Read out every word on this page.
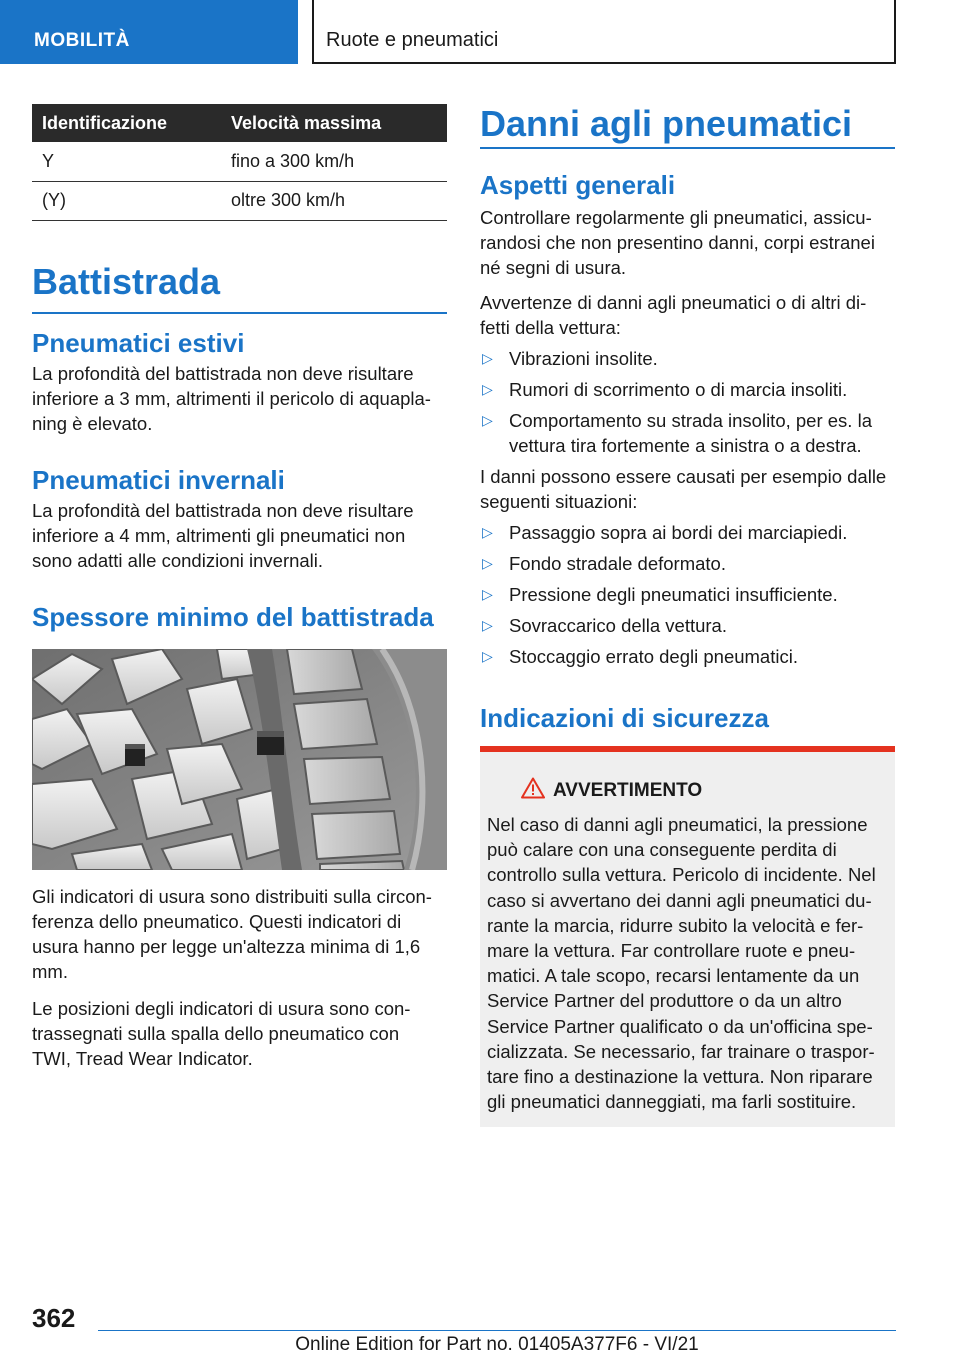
MOBILITÀ	Ruote e pneumatici
Identificazione	Velocità massima
Y	fino a 300 km/h
(Y)	oltre 300 km/h
Battistrada
Pneumatici estivi
La profondità del battistrada non deve risultare inferiore a 3 mm, altrimenti il pericolo di aquapla-ning è elevato.
Pneumatici invernali
La profondità del battistrada non deve risultare inferiore a 4 mm, altrimenti gli pneumatici non sono adatti alle condizioni invernali.
Spessore minimo del battistrada
Gli indicatori di usura sono distribuiti sulla circon-ferenza dello pneumatico. Questi indicatori di usura hanno per legge un'altezza minima di 1,6 mm.
Le posizioni degli indicatori di usura sono con-trassegnati sulla spalla dello pneumatico con TWI, Tread Wear Indicator.
Danni agli pneumatici
Aspetti generali
Controllare regolarmente gli pneumatici, assicu-randosi che non presentino danni, corpi estranei né segni di usura.
Avvertenze di danni agli pneumatici o di altri di-fetti della vettura:
▷ Vibrazioni insolite.
▷ Rumori di scorrimento o di marcia insoliti.
▷ Comportamento su strada insolito, per es. la vettura tira fortemente a sinistra o a destra.
I danni possono essere causati per esempio dalle seguenti situazioni:
▷ Passaggio sopra ai bordi dei marciapiedi.
▷ Fondo stradale deformato.
▷ Pressione degli pneumatici insufficiente.
▷ Sovraccarico della vettura.
▷ Stoccaggio errato degli pneumatici.
Indicazioni di sicurezza
AVVERTIMENTO
Nel caso di danni agli pneumatici, la pressione può calare con una conseguente perdita di controllo sulla vettura. Pericolo di incidente. Nel caso si avvertano dei danni agli pneumatici du-rante la marcia, ridurre subito la velocità e fer-mare la vettura. Far controllare ruote e pneu-matici. A tale scopo, recarsi lentamente da un Service Partner del produttore o da un altro Service Partner qualificato o da un'officina spe-cializzata. Se necessario, far trainare o traspor-tare fino a destinazione la vettura. Non riparare gli pneumatici danneggiati, ma farli sostituire.
362
Online Edition for Part no. 01405A377F6 - VI/21
